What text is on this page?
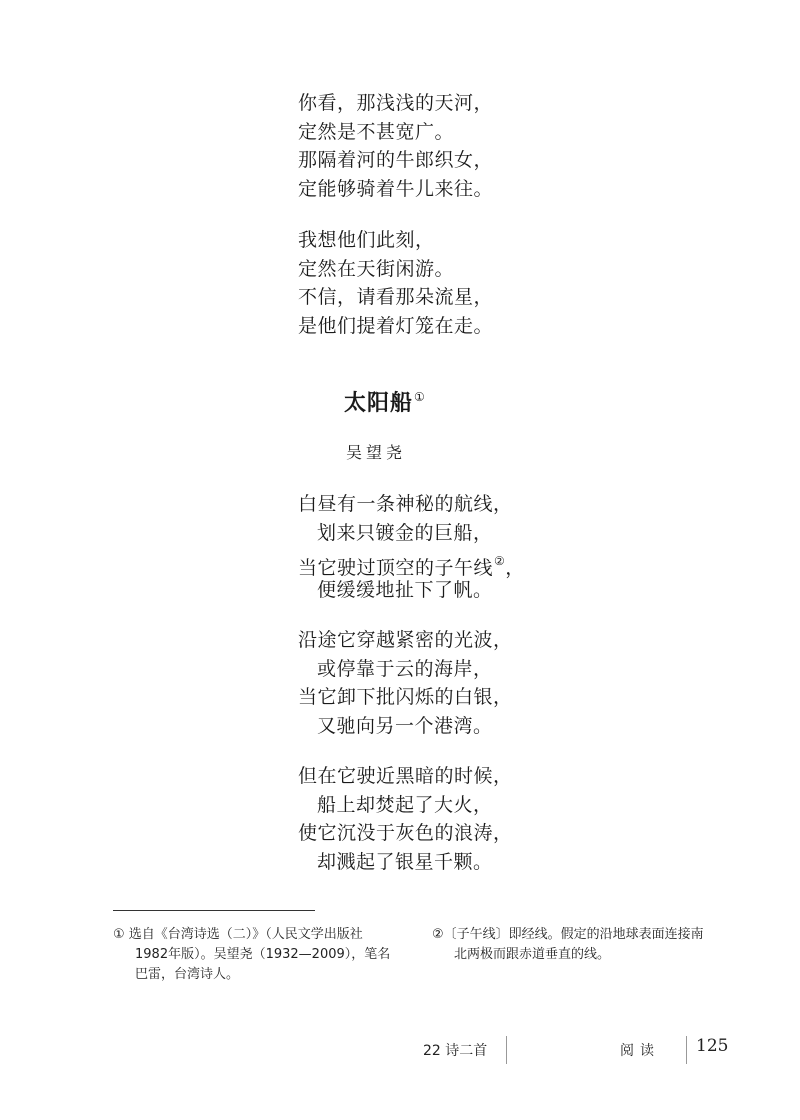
你看，那浅浅的天河，
定然是不甚宽广。
那隔着河的牛郎织女，
定能够骑着牛儿来往。
我想他们此刻，
定然在天街闲游。
不信，请看那朵流星，
是他们提着灯笼在走。
太阳船①
吴望尧
白昼有一条神秘的航线，
划来只镀金的巨船，
当它驶过顶空的子午线②，
便缓缓地扯下了帆。
沿途它穿越紧密的光波，
或停靠于云的海岸，
当它卸下批闪烁的白银，
又驰向另一个港湾。
但在它驶近黑暗的时候，
船上却焚起了大火，
使它沉没于灰色的浪涛，
却溅起了银星千颗。
① 选自《台湾诗选（二）》（人民文学出版社
1982年版）。吴望尧（1932—2009），笔名
巴雷，台湾诗人。
②〔子午线〕即经线。假定的沿地球表面连接南
北两极而跟赤道垂直的线。
22 诗二首	阅读 125
